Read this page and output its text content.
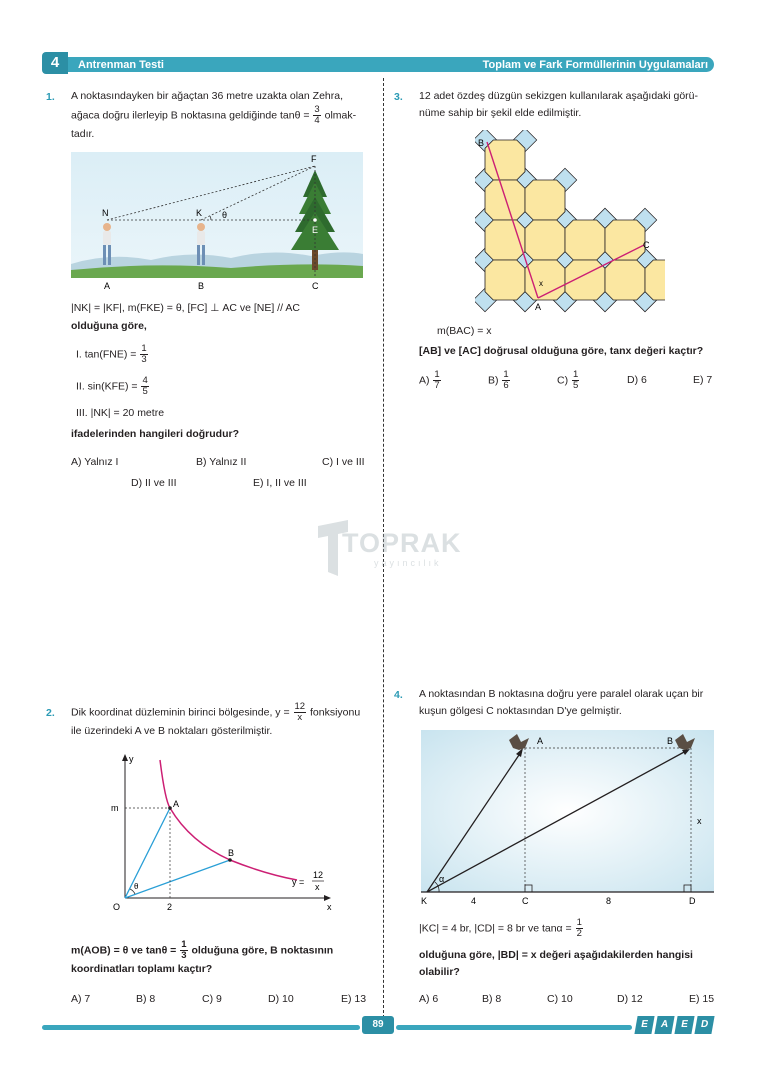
4	Antrenman Testi	Toplam ve Fark Formüllerinin Uygulamaları
1. A noktasındayken bir ağaçtan 36 metre uzakta olan Zehra,
ağaca doğru ilerleyip B noktasına geldiğinde $\tan\theta = \frac{3}{4}$ olmak-
tadır.
F
N	K θ
E
A	B	C
|NK| = |KF|, m(FKE) = θ, [FC] ⊥ AC ve [NE] // AC
olduğuna göre,
I. $\tan(FNE) = \frac{1}{3}$
II. $\sin(KFE) = \frac{4}{5}$
III. |NK| = 20 metre
ifadelerinden hangileri doğrudur?
A) Yalnız I	B) Yalnız II	C) I ve III
D) II ve III	E) I, II ve III
TOPRAK
yayıncılık
2. Dik koordinat düzleminin birinci bölgesinde, $y = \frac{12}{x}$ fonksiyonu
ile üzerindeki A ve B noktaları gösterilmiştir.
y
x
O
m	A
B
2
θ	y =
12
x
m(AOB) = θ ve $\tan\theta = \frac{1}{3}$ olduğuna göre, B noktasının
koordinatları toplamı kaçtır?
A) 7	B) 8	C) 9	D) 10	E) 13
3. 12 adet özdeş düzgün sekizgen kullanılarak aşağıdaki görü-
nüme sahip bir şekil elde edilmiştir.
B
C
A
x
m(BAC) = x
[AB] ve [AC] doğrusal olduğuna göre, tanx değeri kaçtır?
$A) \frac{1}{7}$	$B) \frac{1}{6}$	$C) \frac{1}{5}$	D) 6	E) 7
4. A noktasından B noktasına doğru yere paralel olarak uçan bir
kuşun gölgesi C noktasından D'ye gelmiştir.
A	B
K	C	D
x
α
4	8
|KC| = 4 br, |CD| = 8 br ve $\tan\alpha = \frac{1}{2}$
olduğuna göre, |BD| = x değeri aşağıdakilerden hangisi
olabilir?
A) 6	B) 8	C) 10	D) 12	E) 15
89	E	A	E	D
